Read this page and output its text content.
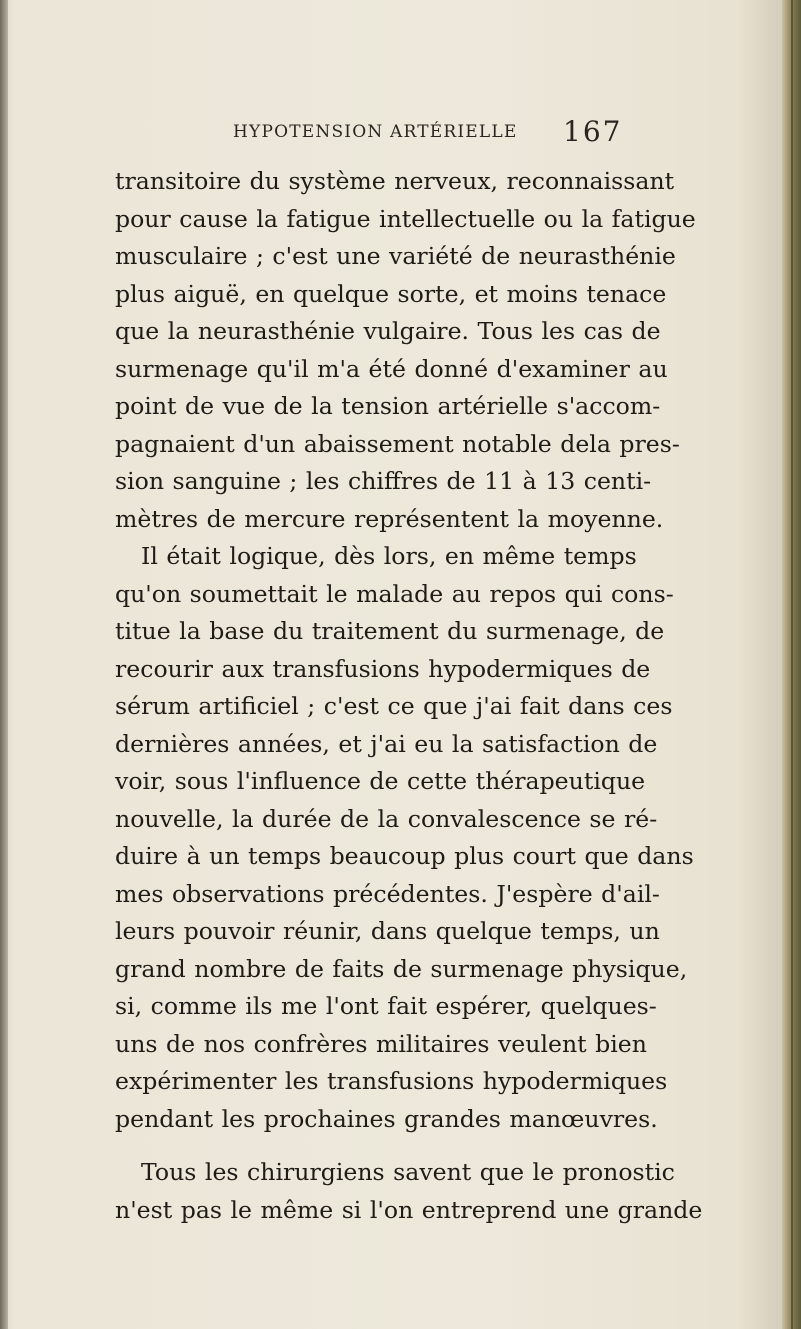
HYPOTENSION ARTÉRIELLE 167
transitoire du système nerveux, reconnaissant
pour cause la fatigue intellectuelle ou la fatigue
musculaire ; c'est une variété de neurasthénie
plus aiguë, en quelque sorte, et moins tenace
que la neurasthénie vulgaire. Tous les cas de
surmenage qu'il m'a été donné d'examiner au
point de vue de la tension artérielle s'accom-
pagnaient d'un abaissement notable dela pres-
sion sanguine ; les chiffres de 11 à 13 centi-
mètres de mercure représentent la moyenne.
Il était logique, dès lors, en même temps
qu'on soumettait le malade au repos qui cons-
titue la base du traitement du surmenage, de
recourir aux transfusions hypodermiques de
sérum artificiel ; c'est ce que j'ai fait dans ces
dernières années, et j'ai eu la satisfaction de
voir, sous l'influence de cette thérapeutique
nouvelle, la durée de la convalescence se ré-
duire à un temps beaucoup plus court que dans
mes observations précédentes. J'espère d'ail-
leurs pouvoir réunir, dans quelque temps, un
grand nombre de faits de surmenage physique,
si, comme ils me l'ont fait espérer, quelques-
uns de nos confrères militaires veulent bien
expérimenter les transfusions hypodermiques
pendant les prochaines grandes manœuvres.
Tous les chirurgiens savent que le pronostic
n'est pas le même si l'on entreprend une grande
